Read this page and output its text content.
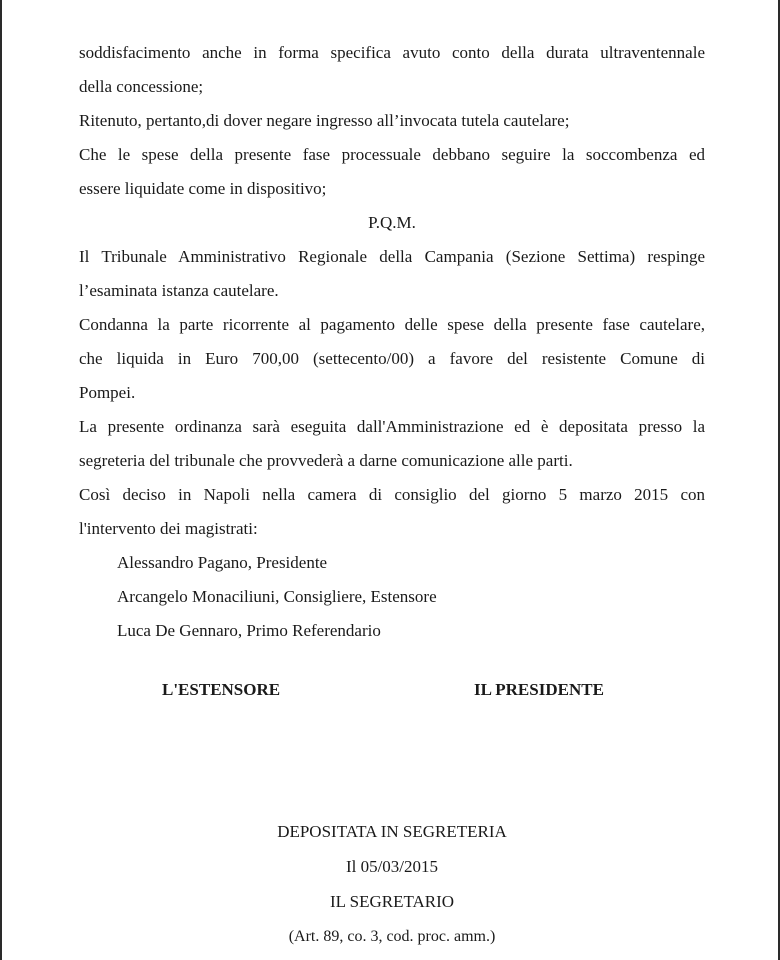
soddisfacimento anche in forma specifica avuto conto della durata ultraventennale
della concessione;
Ritenuto, pertanto,di dover negare ingresso all’invocata tutela cautelare;
Che le spese della presente fase processuale debbano seguire la soccombenza ed
essere liquidate come in dispositivo;
P.Q.M.
Il Tribunale Amministrativo Regionale della Campania (Sezione Settima) respinge
l’esaminata istanza cautelare.
Condanna la parte ricorrente al pagamento delle spese della presente fase cautelare,
che liquida in Euro 700,00 (settecento/00) a favore del resistente Comune di
Pompei.
La presente ordinanza sarà eseguita dall'Amministrazione ed è depositata presso la
segreteria del tribunale che provvederà a darne comunicazione alle parti.
Così deciso in Napoli nella camera di consiglio del giorno 5 marzo 2015 con
l'intervento dei magistrati:
Alessandro Pagano, Presidente
Arcangelo Monaciliuni, Consigliere, Estensore
Luca De Gennaro, Primo Referendario
L'ESTENSORE	IL PRESIDENTE
DEPOSITATA IN SEGRETERIA
Il 05/03/2015
IL SEGRETARIO
(Art. 89, co. 3, cod. proc. amm.)
